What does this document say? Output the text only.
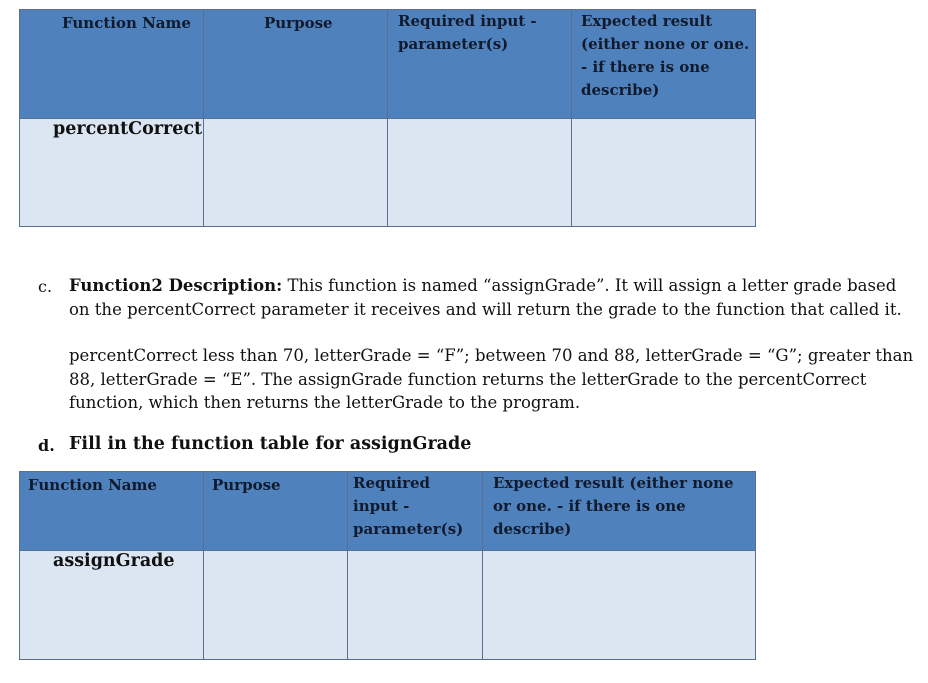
Function Name	Purpose	Required input - parameter(s)	Expected result (either none or one. - if there is one describe)

percentCorrect			

c. Function2 Description: This function is named “assignGrade”. It will assign a letter grade based on the percentCorrect parameter it receives and will return the grade to the function that called it.
percentCorrect less than 70, letterGrade = “F”; between 70 and 88, letterGrade = “G”; greater than 88, letterGrade = “E”. The assignGrade function returns the letterGrade to the percentCorrect function, which then returns the letterGrade to the program.
d. Fill in the function table for assignGrade
Function Name	Purpose	Required input - parameter(s)	Expected result (either none or one. - if there is one describe)

assignGrade			
